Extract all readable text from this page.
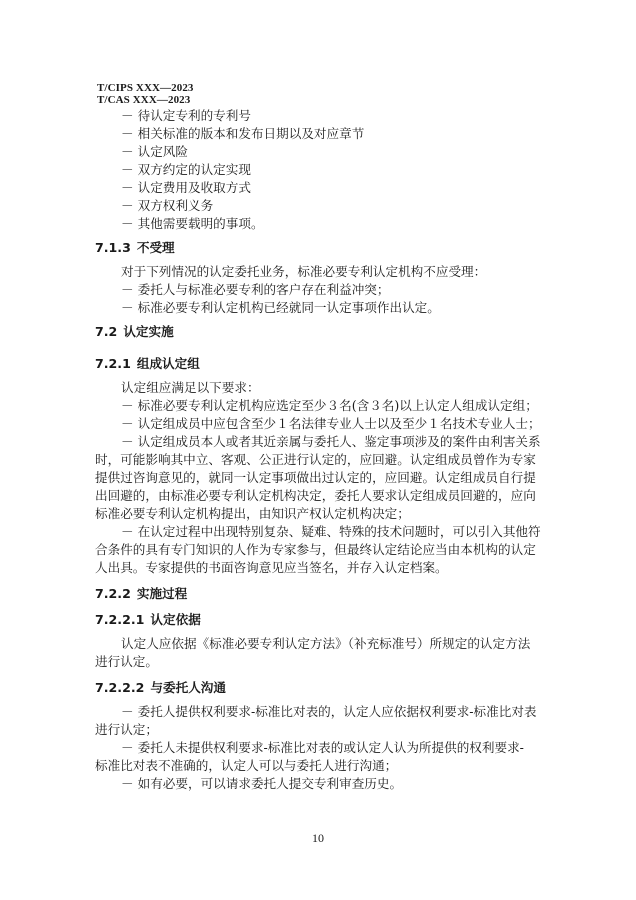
T/CIPS XXX—2023
T/CAS XXX—2023
－ 待认定专利的专利号
－ 相关标准的版本和发布日期以及对应章节
－ 认定风险
－ 双方约定的认定实现
－ 认定费用及收取方式
－ 双方权利义务
－ 其他需要载明的事项。
7.1.3 不受理
对于下列情况的认定委托业务，标准必要专利认定机构不应受理：
－ 委托人与标准必要专利的客户存在利益冲突；
－ 标准必要专利认定机构已经就同一认定事项作出认定。
7.2 认定实施
7.2.1 组成认定组
认定组应满足以下要求：
－ 标准必要专利认定机构应选定至少３名(含３名)以上认定人组成认定组；
－ 认定组成员中应包含至少１名法律专业人士以及至少１名技术专业人士；
－ 认定组成员本人或者其近亲属与委托人、鉴定事项涉及的案件由利害关系
时，可能影响其中立、客观、公正进行认定的，应回避。认定组成员曾作为专家
提供过咨询意见的，就同一认定事项做出过认定的，应回避。认定组成员自行提
出回避的，由标准必要专利认定机构决定，委托人要求认定组成员回避的，应向
标准必要专利认定机构提出，由知识产权认定机构决定；
－ 在认定过程中出现特别复杂、疑难、特殊的技术问题时，可以引入其他符
合条件的具有专门知识的人作为专家参与，但最终认定结论应当由本机构的认定
人出具。专家提供的书面咨询意见应当签名，并存入认定档案。
7.2.2 实施过程
7.2.2.1 认定依据
认定人应依据《标准必要专利认定方法》（补充标准号）所规定的认定方法
进行认定。
7.2.2.2 与委托人沟通
－ 委托人提供权利要求-标准比对表的，认定人应依据权利要求-标准比对表
进行认定；
－ 委托人未提供权利要求-标准比对表的或认定人认为所提供的权利要求-
标准比对表不准确的，认定人可以与委托人进行沟通；
－ 如有必要，可以请求委托人提交专利审查历史。
10
